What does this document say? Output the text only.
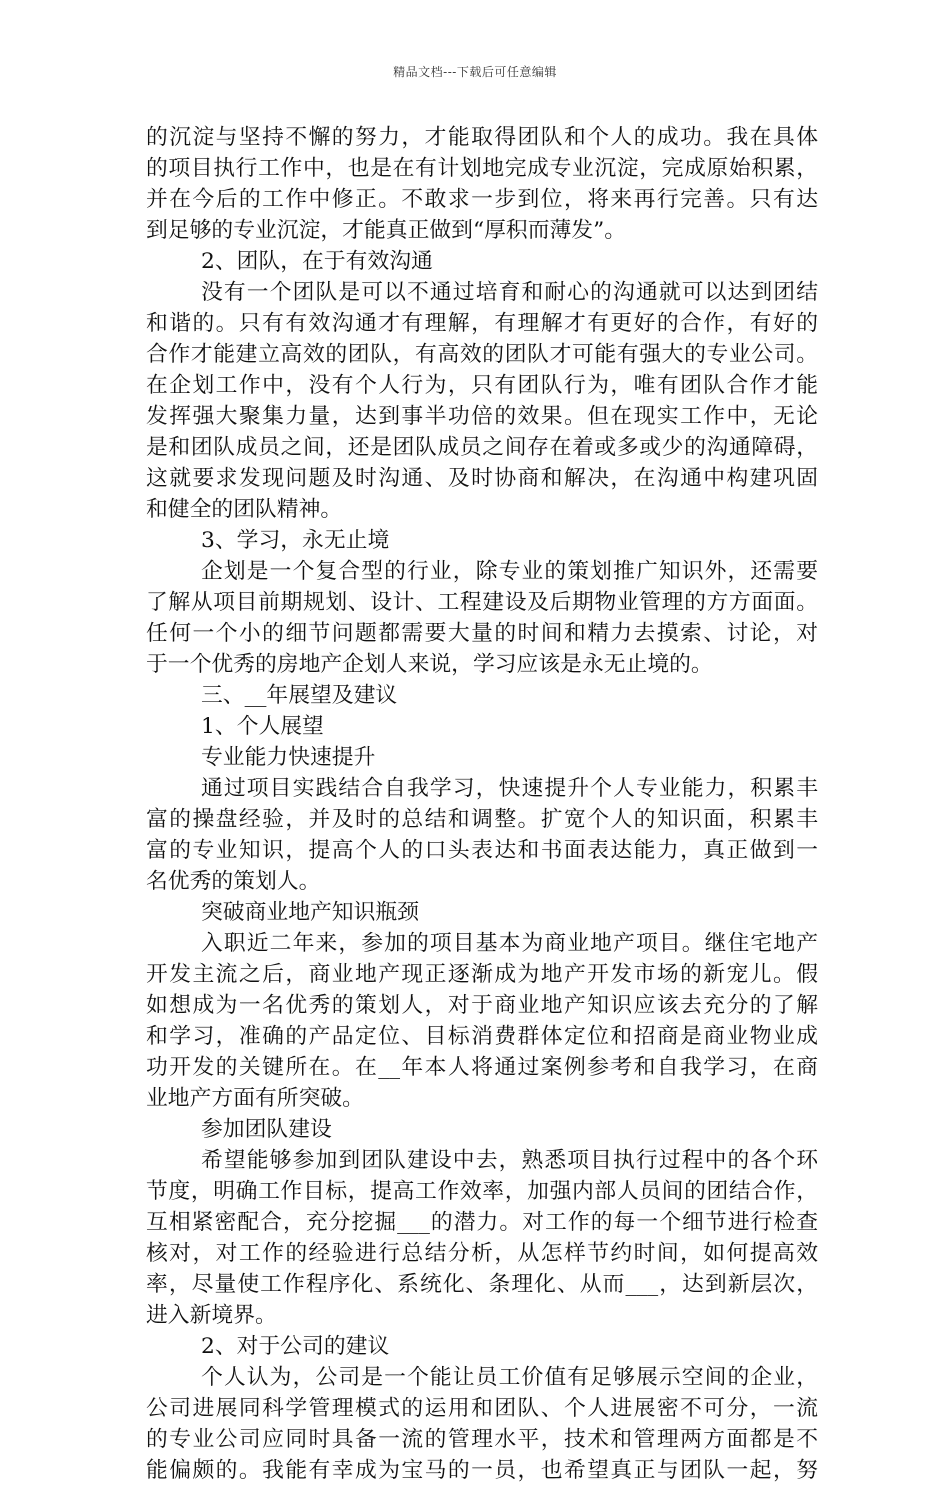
精品文档---下载后可任意编辑
的沉淀与坚持不懈的努力，才能取得团队和个人的成功。我在具体
的项目执行工作中，也是在有计划地完成专业沉淀，完成原始积累，
并在今后的工作中修正。不敢求一步到位，将来再行完善。只有达
到足够的专业沉淀，才能真正做到“厚积而薄发”。
2、团队，在于有效沟通
没有一个团队是可以不通过培育和耐心的沟通就可以达到团结
和谐的。只有有效沟通才有理解，有理解才有更好的合作，有好的
合作才能建立高效的团队，有高效的团队才可能有强大的专业公司。
在企划工作中，没有个人行为，只有团队行为，唯有团队合作才能
发挥强大聚集力量，达到事半功倍的效果。但在现实工作中，无论
是和团队成员之间，还是团队成员之间存在着或多或少的沟通障碍，
这就要求发现问题及时沟通、及时协商和解决，在沟通中构建巩固
和健全的团队精神。
3、学习，永无止境
企划是一个复合型的行业，除专业的策划推广知识外，还需要
了解从项目前期规划、设计、工程建设及后期物业管理的方方面面。
任何一个小的细节问题都需要大量的时间和精力去摸索、讨论，对
于一个优秀的房地产企划人来说，学习应该是永无止境的。
三、__年展望及建议
1、个人展望
专业能力快速提升
通过项目实践结合自我学习，快速提升个人专业能力，积累丰
富的操盘经验，并及时的总结和调整。扩宽个人的知识面，积累丰
富的专业知识，提高个人的口头表达和书面表达能力，真正做到一
名优秀的策划人。
突破商业地产知识瓶颈
入职近二年来，参加的项目基本为商业地产项目。继住宅地产
开发主流之后，商业地产现正逐渐成为地产开发市场的新宠儿。假
如想成为一名优秀的策划人，对于商业地产知识应该去充分的了解
和学习，准确的产品定位、目标消费群体定位和招商是商业物业成
功开发的关键所在。在__年本人将通过案例参考和自我学习，在商
业地产方面有所突破。
参加团队建设
希望能够参加到团队建设中去，熟悉项目执行过程中的各个环
节度，明确工作目标，提高工作效率，加强内部人员间的团结合作，
互相紧密配合，充分挖掘___的潜力。对工作的每一个细节进行检查
核对，对工作的经验进行总结分析，从怎样节约时间，如何提高效
率，尽量使工作程序化、系统化、条理化、从而___，达到新层次，
进入新境界。
2、对于公司的建议
个人认为，公司是一个能让员工价值有足够展示空间的企业，
公司进展同科学管理模式的运用和团队、个人进展密不可分，一流
的专业公司应同时具备一流的管理水平，技术和管理两方面都是不
能偏颇的。我能有幸成为宝马的一员，也希望真正与团队一起，努
